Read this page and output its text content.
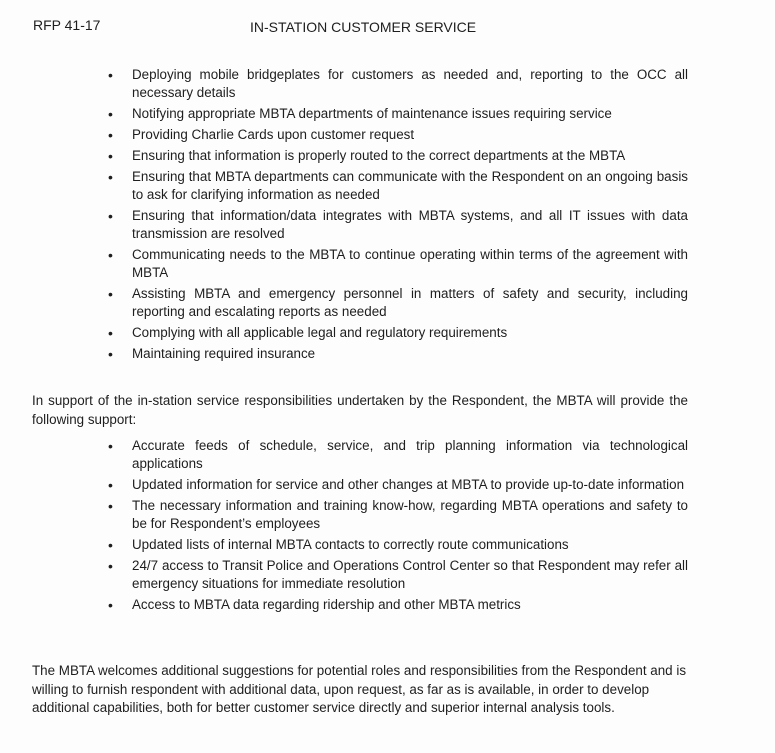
RFP 41-17	IN-STATION CUSTOMER SERVICE
• Deploying mobile bridgeplates for customers as needed and, reporting to the OCC all necessary details
• Notifying appropriate MBTA departments of maintenance issues requiring service
• Providing Charlie Cards upon customer request
• Ensuring that information is properly routed to the correct departments at the MBTA
• Ensuring that MBTA departments can communicate with the Respondent on an ongoing basis to ask for clarifying information as needed
• Ensuring that information/data integrates with MBTA systems, and all IT issues with data transmission are resolved
• Communicating needs to the MBTA to continue operating within terms of the agreement with MBTA
• Assisting MBTA and emergency personnel in matters of safety and security, including reporting and escalating reports as needed
• Complying with all applicable legal and regulatory requirements
• Maintaining required insurance

In support of the in-station service responsibilities undertaken by the Respondent, the MBTA will provide the following support:

• Accurate feeds of schedule, service, and trip planning information via technological applications
• Updated information for service and other changes at MBTA to provide up-to-date information
• The necessary information and training know-how, regarding MBTA operations and safety to be for Respondent’s employees
• Updated lists of internal MBTA contacts to correctly route communications
• 24/7 access to Transit Police and Operations Control Center so that Respondent may refer all emergency situations for immediate resolution
• Access to MBTA data regarding ridership and other MBTA metrics

The MBTA welcomes additional suggestions for potential roles and responsibilities from the Respondent and is willing to furnish respondent with additional data, upon request, as far as is available, in order to develop additional capabilities, both for better customer service directly and superior internal analysis tools.
